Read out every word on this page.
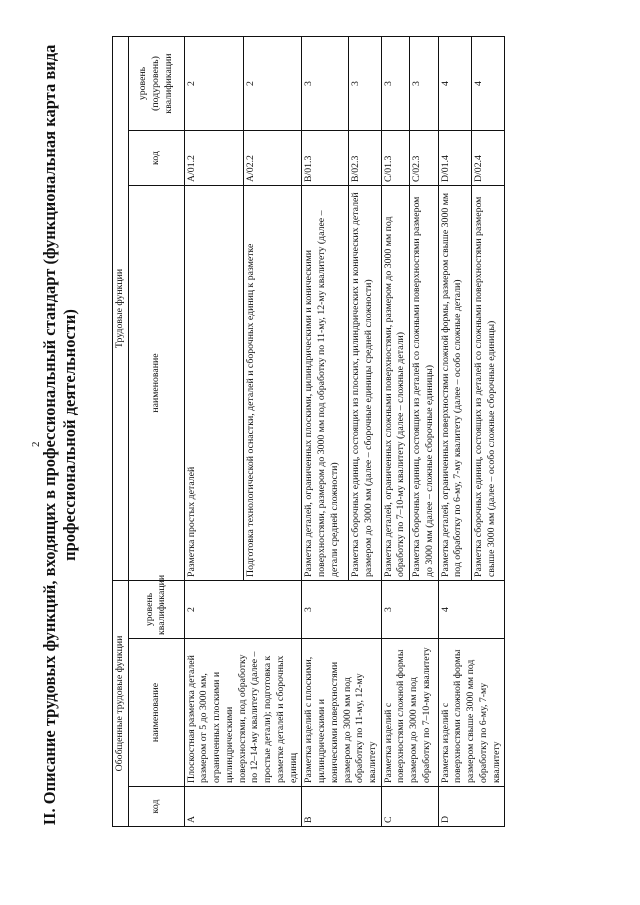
2
II. Описание трудовых функций, входящих в профессиональный стандарт (функциональная карта вида профессиональной деятельности)
Обобщенные трудовые функции			Трудовые функции		
код	наименование	уровень квалификации	наименование	код	уровень (подуровень) квалификации
A	Плоскостная разметка деталей размером от 5 до 3000 мм, ограниченных плоскими и цилиндрическими поверхностями, под обработку по 12–14-му квалитету (далее – простые детали); подготовка к разметке деталей и сборочных единиц	2	Разметка простых деталей	A/01.2	2
			Подготовка технологической оснастки, деталей и сборочных единиц к разметке	A/02.2	2
B	Разметка изделий с плоскими, цилиндрическими и коническими поверхностями размером до 3000 мм под обработку по 11-му, 12-му квалитету	3	Разметка деталей, ограниченных плоскими, цилиндрическими и коническими поверхностями, размером до 3000 мм под обработку по 11-му, 12-му квалитету (далее – детали средней сложности)	B/01.3	3
			Разметка сборочных единиц, состоящих из плоских, цилиндрических и конических деталей размером до 3000 мм (далее – сборочные единицы средней сложности)	B/02.3	3
C	Разметка изделий с поверхностями сложной формы размером до 3000 мм под обработку по 7–10-му квалитету	3	Разметка деталей, ограниченных сложными поверхностями, размером до 3000 мм под обработку по 7–10-му квалитету (далее – сложные детали)	C/01.3	3
			Разметка сборочных единиц, состоящих из деталей со сложными поверхностями размером до 3000 мм (далее – сложные сборочные единицы)	C/02.3	3
D	Разметка изделий с поверхностями сложной формы размером свыше 3000 мм под обработку по 6-му, 7-му квалитету	4	Разметка деталей, ограниченных поверхностями сложной формы, размером свыше 3000 мм под обработку по 6-му, 7-му квалитету (далее – особо сложные детали)	D/01.4	4
			Разметка сборочных единиц, состоящих из деталей со сложными поверхностями размером свыше 3000 мм (далее – особо сложные сборочные единицы)	D/02.4	4
